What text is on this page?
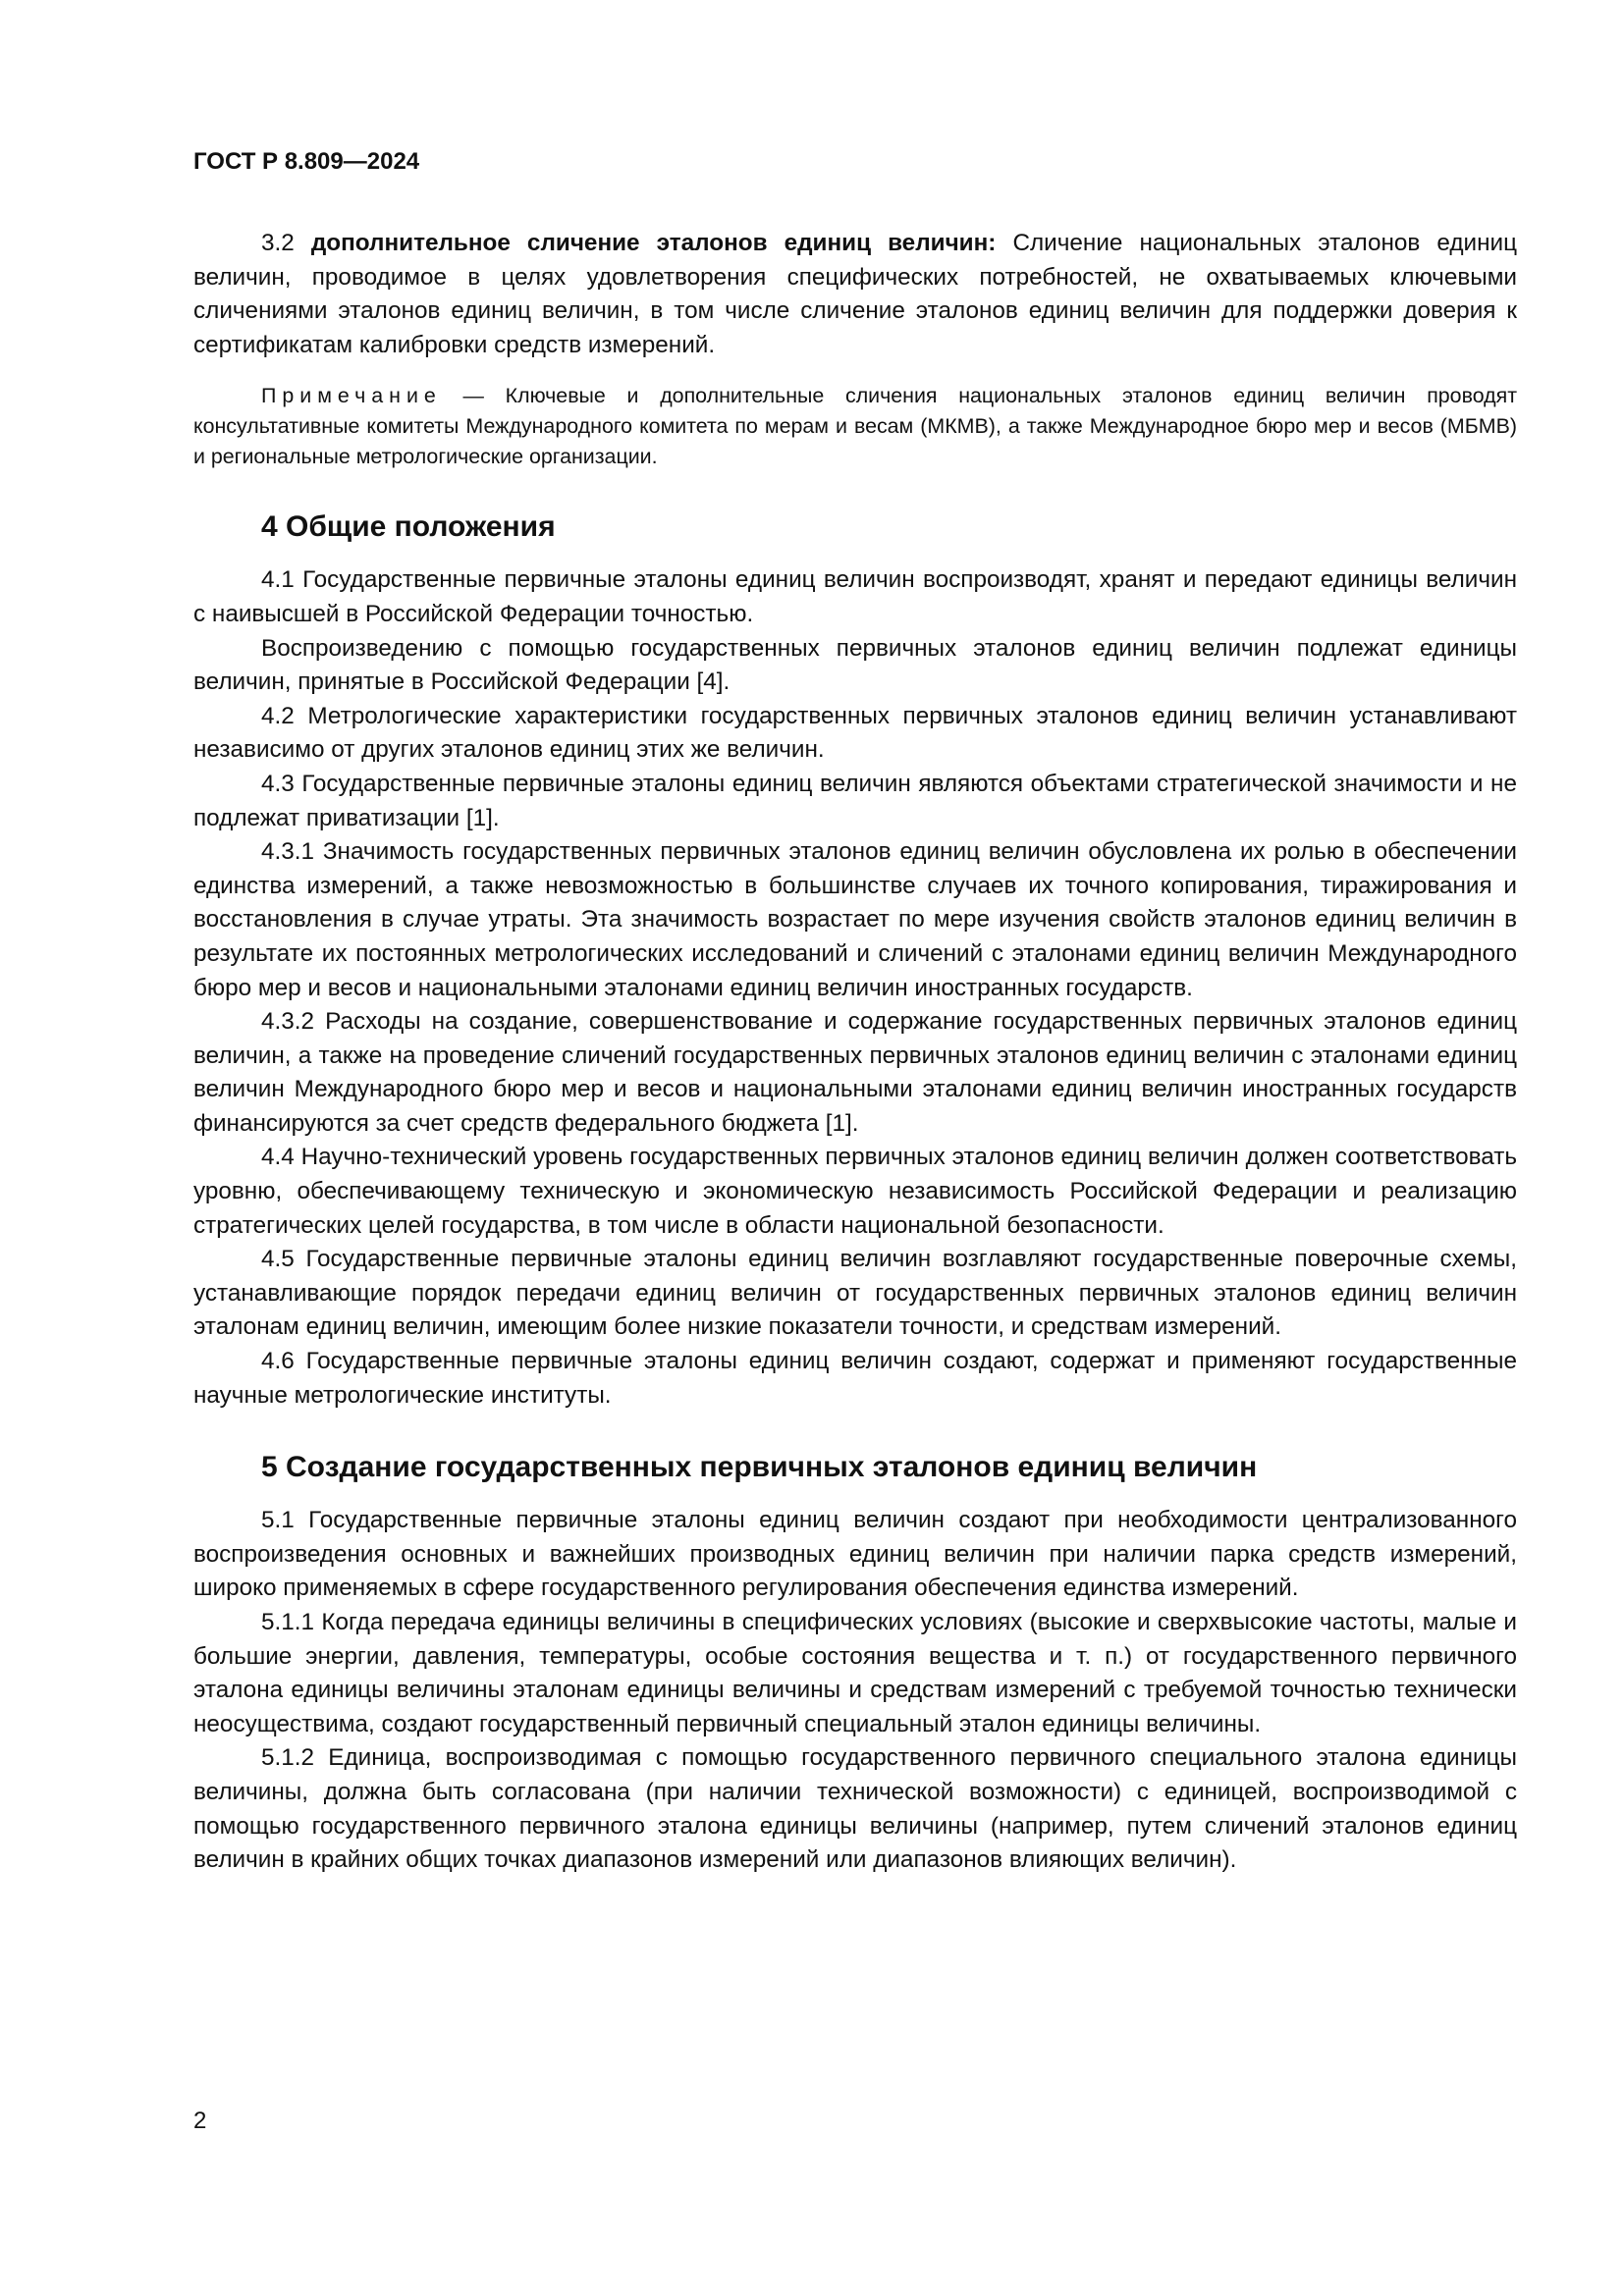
ГОСТ Р 8.809—2024

3.2 дополнительное сличение эталонов единиц величин: Сличение национальных эталонов единиц величин, проводимое в целях удовлетворения специфических потребностей, не охватываемых ключевыми сличениями эталонов единиц величин, в том числе сличение эталонов единиц величин для поддержки доверия к сертификатам калибровки средств измерений.

Примечание — Ключевые и дополнительные сличения национальных эталонов единиц величин проводят консультативные комитеты Международного комитета по мерам и весам (МКМВ), а также Международное бюро мер и весов (МБМВ) и региональные метрологические организации.

4 Общие положения

4.1 Государственные первичные эталоны единиц величин воспроизводят, хранят и передают единицы величин с наивысшей в Российской Федерации точностью.

Воспроизведению с помощью государственных первичных эталонов единиц величин подлежат единицы величин, принятые в Российской Федерации [4].

4.2 Метрологические характеристики государственных первичных эталонов единиц величин устанавливают независимо от других эталонов единиц этих же величин.

4.3 Государственные первичные эталоны единиц величин являются объектами стратегической значимости и не подлежат приватизации [1].

4.3.1 Значимость государственных первичных эталонов единиц величин обусловлена их ролью в обеспечении единства измерений, а также невозможностью в большинстве случаев их точного копирования, тиражирования и восстановления в случае утраты. Эта значимость возрастает по мере изучения свойств эталонов единиц величин в результате их постоянных метрологических исследований и сличений с эталонами единиц величин Международного бюро мер и весов и национальными эталонами единиц величин иностранных государств.

4.3.2 Расходы на создание, совершенствование и содержание государственных первичных эталонов единиц величин, а также на проведение сличений государственных первичных эталонов единиц величин с эталонами единиц величин Международного бюро мер и весов и национальными эталонами единиц величин иностранных государств финансируются за счет средств федерального бюджета [1].

4.4 Научно-технический уровень государственных первичных эталонов единиц величин должен соответствовать уровню, обеспечивающему техническую и экономическую независимость Российской Федерации и реализацию стратегических целей государства, в том числе в области национальной безопасности.

4.5 Государственные первичные эталоны единиц величин возглавляют государственные поверочные схемы, устанавливающие порядок передачи единиц величин от государственных первичных эталонов единиц величин эталонам единиц величин, имеющим более низкие показатели точности, и средствам измерений.

4.6 Государственные первичные эталоны единиц величин создают, содержат и применяют государственные научные метрологические институты.

5 Создание государственных первичных эталонов единиц величин

5.1 Государственные первичные эталоны единиц величин создают при необходимости централизованного воспроизведения основных и важнейших производных единиц величин при наличии парка средств измерений, широко применяемых в сфере государственного регулирования обеспечения единства измерений.

5.1.1 Когда передача единицы величины в специфических условиях (высокие и сверхвысокие частоты, малые и большие энергии, давления, температуры, особые состояния вещества и т. п.) от государственного первичного эталона единицы величины эталонам единицы величины и средствам измерений с требуемой точностью технически неосуществима, создают государственный первичный специальный эталон единицы величины.

5.1.2 Единица, воспроизводимая с помощью государственного первичного специального эталона единицы величины, должна быть согласована (при наличии технической возможности) с единицей, воспроизводимой с помощью государственного первичного эталона единицы величины (например, путем сличений эталонов единиц величин в крайних общих точках диапазонов измерений или диапазонов влияющих величин).

2
